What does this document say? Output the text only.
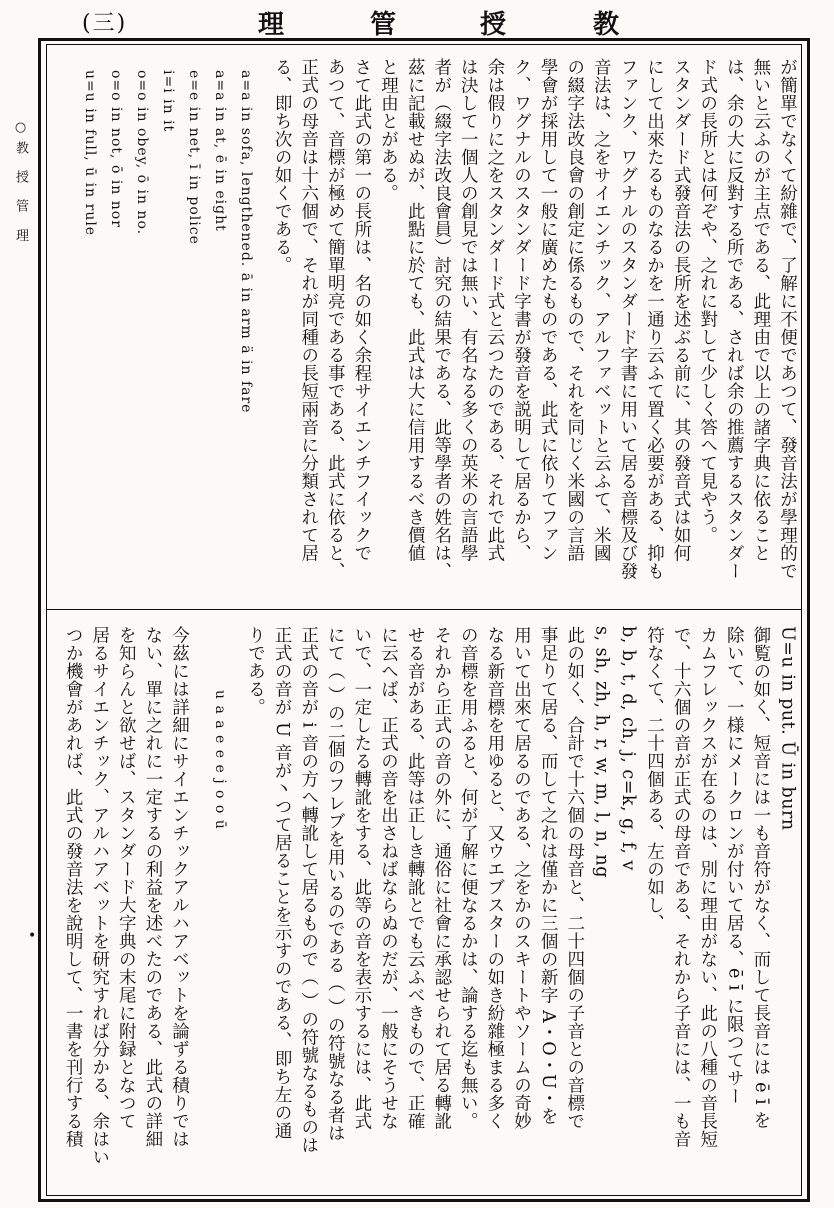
(三)	理	管	授	教
○教 授 管 理
•
が簡單でなくて紛雜で、了解に不便であつて、發音法が學理的で
無いと云ふのが主点である、此理由で以上の諸字典に依ること
は、余の大に反對する所である、されば余の推薦するスタンダー
ド式の長所とは何ぞや、之れに對して少しく答へて見やう。
スタンダード式發音法の長所を述ぶる前に、其の發音式は如何
にして出來たるものなるかを一通り云ふて置く必要がある、抑も
ファンク、ワグナルのスタンダード字書に用いて居る音標及び發
音法は、之をサイエンチック、アルファベットと云ふて、米國
の綴字法改良會の創定に係るもので、それを同じく米國の言語
學會が採用して一般に廣めたものである、此式に依りてファン
ク、ワグナルのスタンダード字書が發音を説明して居るから、
余は假りに之をスタンダード式と云つたのである、それで此式
は決して一個人の創見では無い、有名なる多くの英米の言語學
者が（綴字法改良會員）討究の結果である、此等學者の姓名は、
茲に記載せぬが、此點に於ても、此式は大に信用するべき價値
と理由とがある。
さて此式の第一の長所は、名の如く余程サイエンチフイックで
あつて、音標が極めて簡單明亮である事である、此式に依ると、
正式の母音は十六個で、それが同種の長短兩音に分類されて居
る、即ち次の如くである。
a=a in sofa, lengthened. ā in arm ä in fare
a=a in at, ē in eight
e=e in net, ī in police
i=i in it
o=o in obey, ō in no.
o=o in not, ō in nor
u=u in full, ū in rule
U=u in put. Ū in burn
御覧の如く、短音には一も音符がなく、而して長音には ē ī を
除いて、一様にメークロンが付いて居る、ē ī に限つてサー
カムフレックスが在るのは、別に理由がない、此の八種の音長短
で、十六個の音が正式の母音である、それから子音には、一も音
符なくて、二十四個ある、左の如し、
b, b, t, d, ch, j, c=k, g, f, v
s, sh, zh, h, r, w, m, l, n, ng
此の如く、合計で十六個の母音と、二十四個の子音との音標で
事足りて居る、而して之れは僅かに三個の新字 A・O・U・を
用いて出來て居るのである、之をかのスキートやソームの奇妙
なる新音標を用ゆると、又ウエブスターの如き紛雜極まる多く
の音標を用ふると、何が了解に便なるかは、論する迄も無い。
それから正式の音の外に、通俗に社會に承認せられて居る轉訛
せる音がある、此等は正しき轉訛とでも云ふべきもので、正確
に云へば、正式の音を出さねばならぬのだが、一般にそうせな
いで、一定したる轉訛をする、此等の音を表示するには、此式
にて（ ）の二個のフレブを用いるのである（ ）の符號なる者は
正式の音が i 音の方へ轉訛して居るもので（ ）の符號なるものは
正式の音が U 音が丶つて居ることを示すのである、即ち左の通
りである。
u a a e e e j o o ū
今茲には詳細にサイエンチックアルハアベットを論ずる積りでは
ない、單に之れに一定するの利益を述べたのである、此式の詳細
を知らんと欲せば、スタンダード大字典の末尾に附録となつて
居るサイエンチック、アルハアベットを研究すれば分かる、余はい
つか機會があれば、此式の發音法を說明して、一書を刊行する積
